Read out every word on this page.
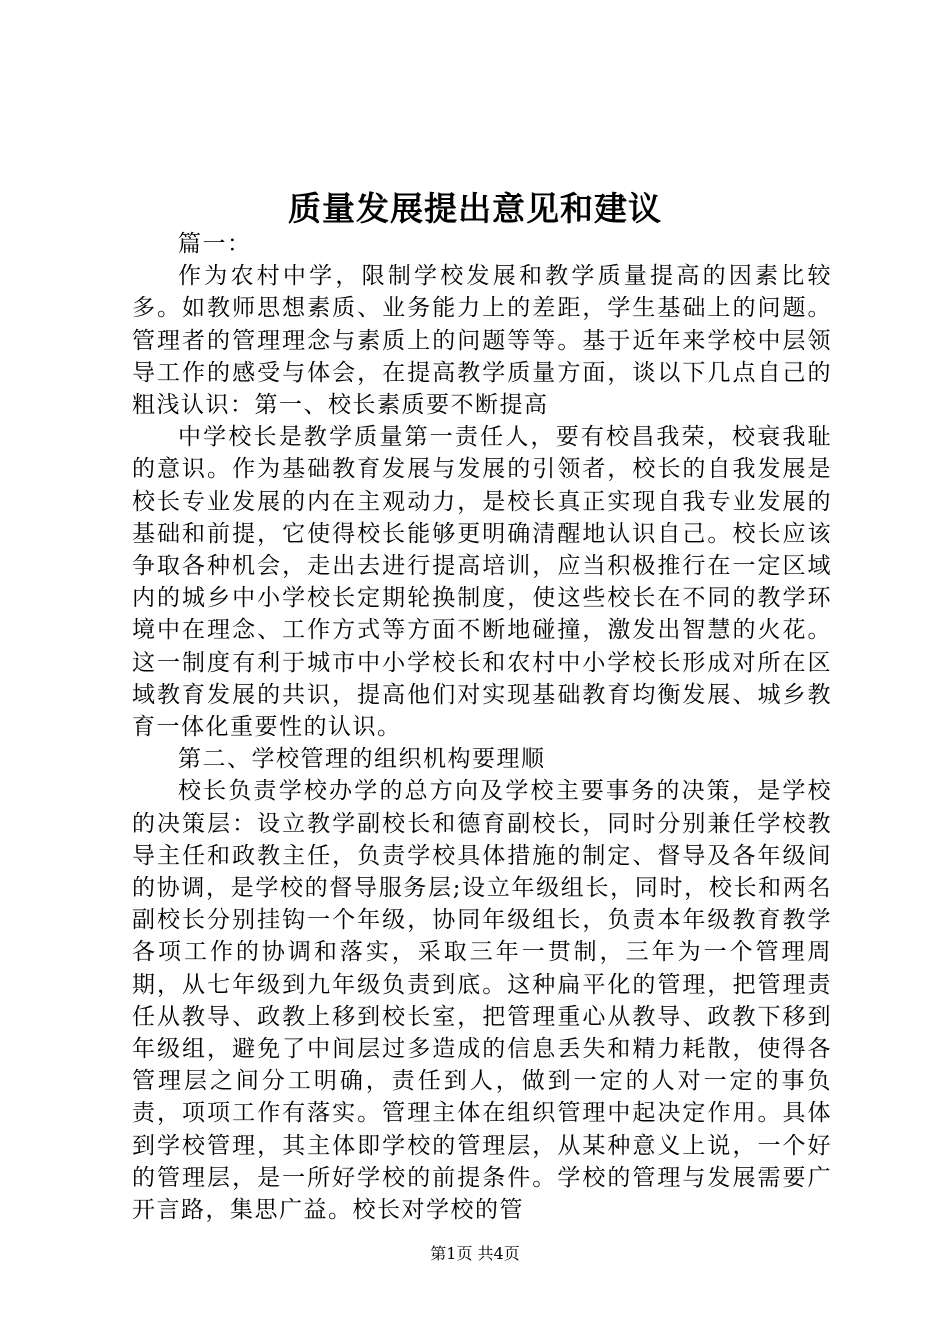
质量发展提出意见和建议

篇一：

作为农村中学，限制学校发展和教学质量提高的因素比较多。如教师思想素质、业务能力上的差距，学生基础上的问题。管理者的管理理念与素质上的问题等等。基于近年来学校中层领导工作的感受与体会，在提高教学质量方面，谈以下几点自己的粗浅认识：第一、校长素质要不断提高

中学校长是教学质量第一责任人，要有校昌我荣，校衰我耻的意识。作为基础教育发展与发展的引领者，校长的自我发展是校长专业发展的内在主观动力，是校长真正实现自我专业发展的基础和前提，它使得校长能够更明确清醒地认识自己。校长应该争取各种机会，走出去进行提高培训，应当积极推行在一定区域内的城乡中小学校长定期轮换制度，使这些校长在不同的教学环境中在理念、工作方式等方面不断地碰撞，激发出智慧的火花。这一制度有利于城市中小学校长和农村中小学校长形成对所在区域教育发展的共识，提高他们对实现基础教育均衡发展、城乡教育一体化重要性的认识。

第二、学校管理的组织机构要理顺

校长负责学校办学的总方向及学校主要事务的决策，是学校的决策层：设立教学副校长和德育副校长，同时分别兼任学校教导主任和政教主任，负责学校具体措施的制定、督导及各年级间的协调，是学校的督导服务层;设立年级组长，同时，校长和两名副校长分别挂钩一个年级，协同年级组长，负责本年级教育教学各项工作的协调和落实，采取三年一贯制，三年为一个管理周期，从七年级到九年级负责到底。这种扁平化的管理，把管理责任从教导、政教上移到校长室，把管理重心从教导、政教下移到年级组，避免了中间层过多造成的信息丢失和精力耗散，使得各管理层之间分工明确，责任到人，做到一定的人对一定的事负责，项项工作有落实。管理主体在组织管理中起决定作用。具体到学校管理，其主体即学校的管理层，从某种意义上说，一个好的管理层，是一所好学校的前提条件。学校的管理与发展需要广开言路，集思广益。校长对学校的管

第1页 共4页
